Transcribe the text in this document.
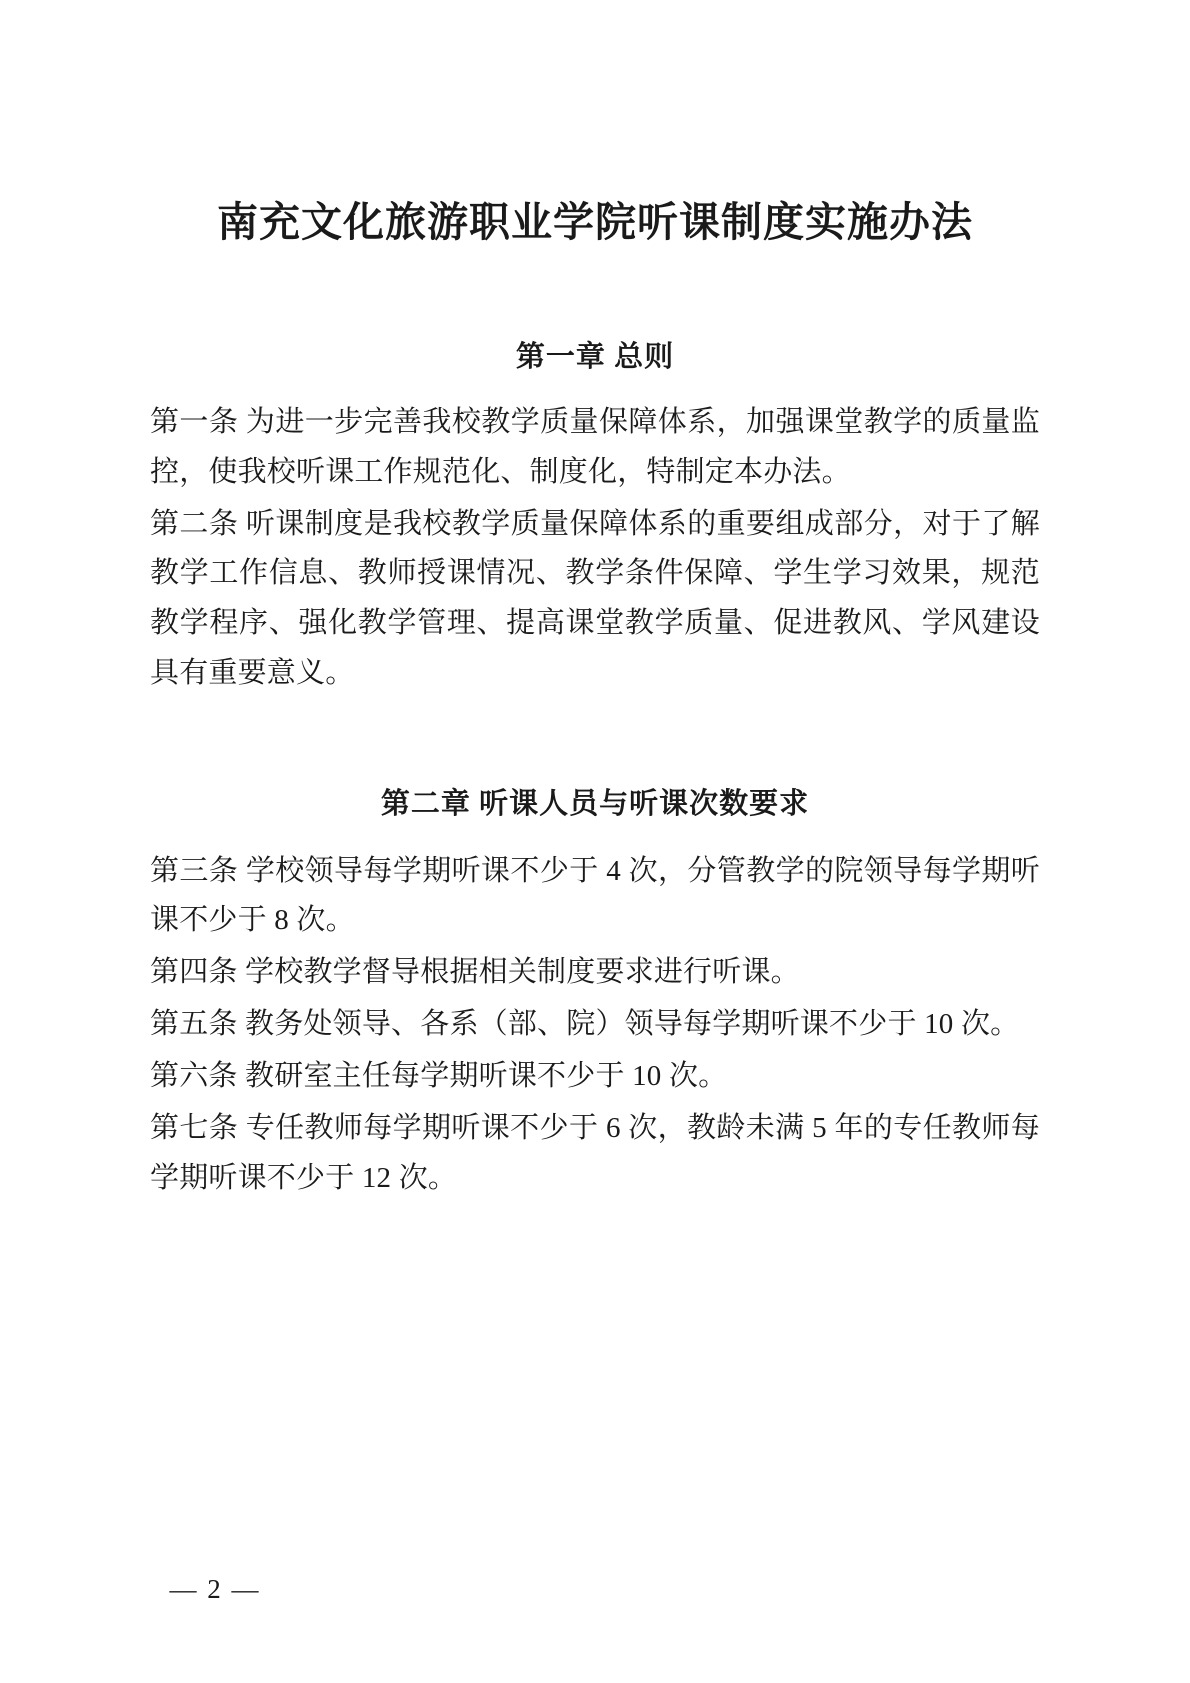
南充文化旅游职业学院听课制度实施办法
第一章 总则

第一条 为进一步完善我校教学质量保障体系，加强课堂教学的质量监控，使我校听课工作规范化、制度化，特制定本办法。

第二条 听课制度是我校教学质量保障体系的重要组成部分，对于了解教学工作信息、教师授课情况、教学条件保障、学生学习效果，规范教学程序、强化教学管理、提高课堂教学质量、促进教风、学风建设具有重要意义。

第二章 听课人员与听课次数要求

第三条 学校领导每学期听课不少于 4 次，分管教学的院领导每学期听课不少于 8 次。

第四条 学校教学督导根据相关制度要求进行听课。

第五条 教务处领导、各系（部、院）领导每学期听课不少于 10 次。

第六条 教研室主任每学期听课不少于 10 次。

第七条 专任教师每学期听课不少于 6 次，教龄未满 5 年的专任教师每学期听课不少于 12 次。

— 2 —
